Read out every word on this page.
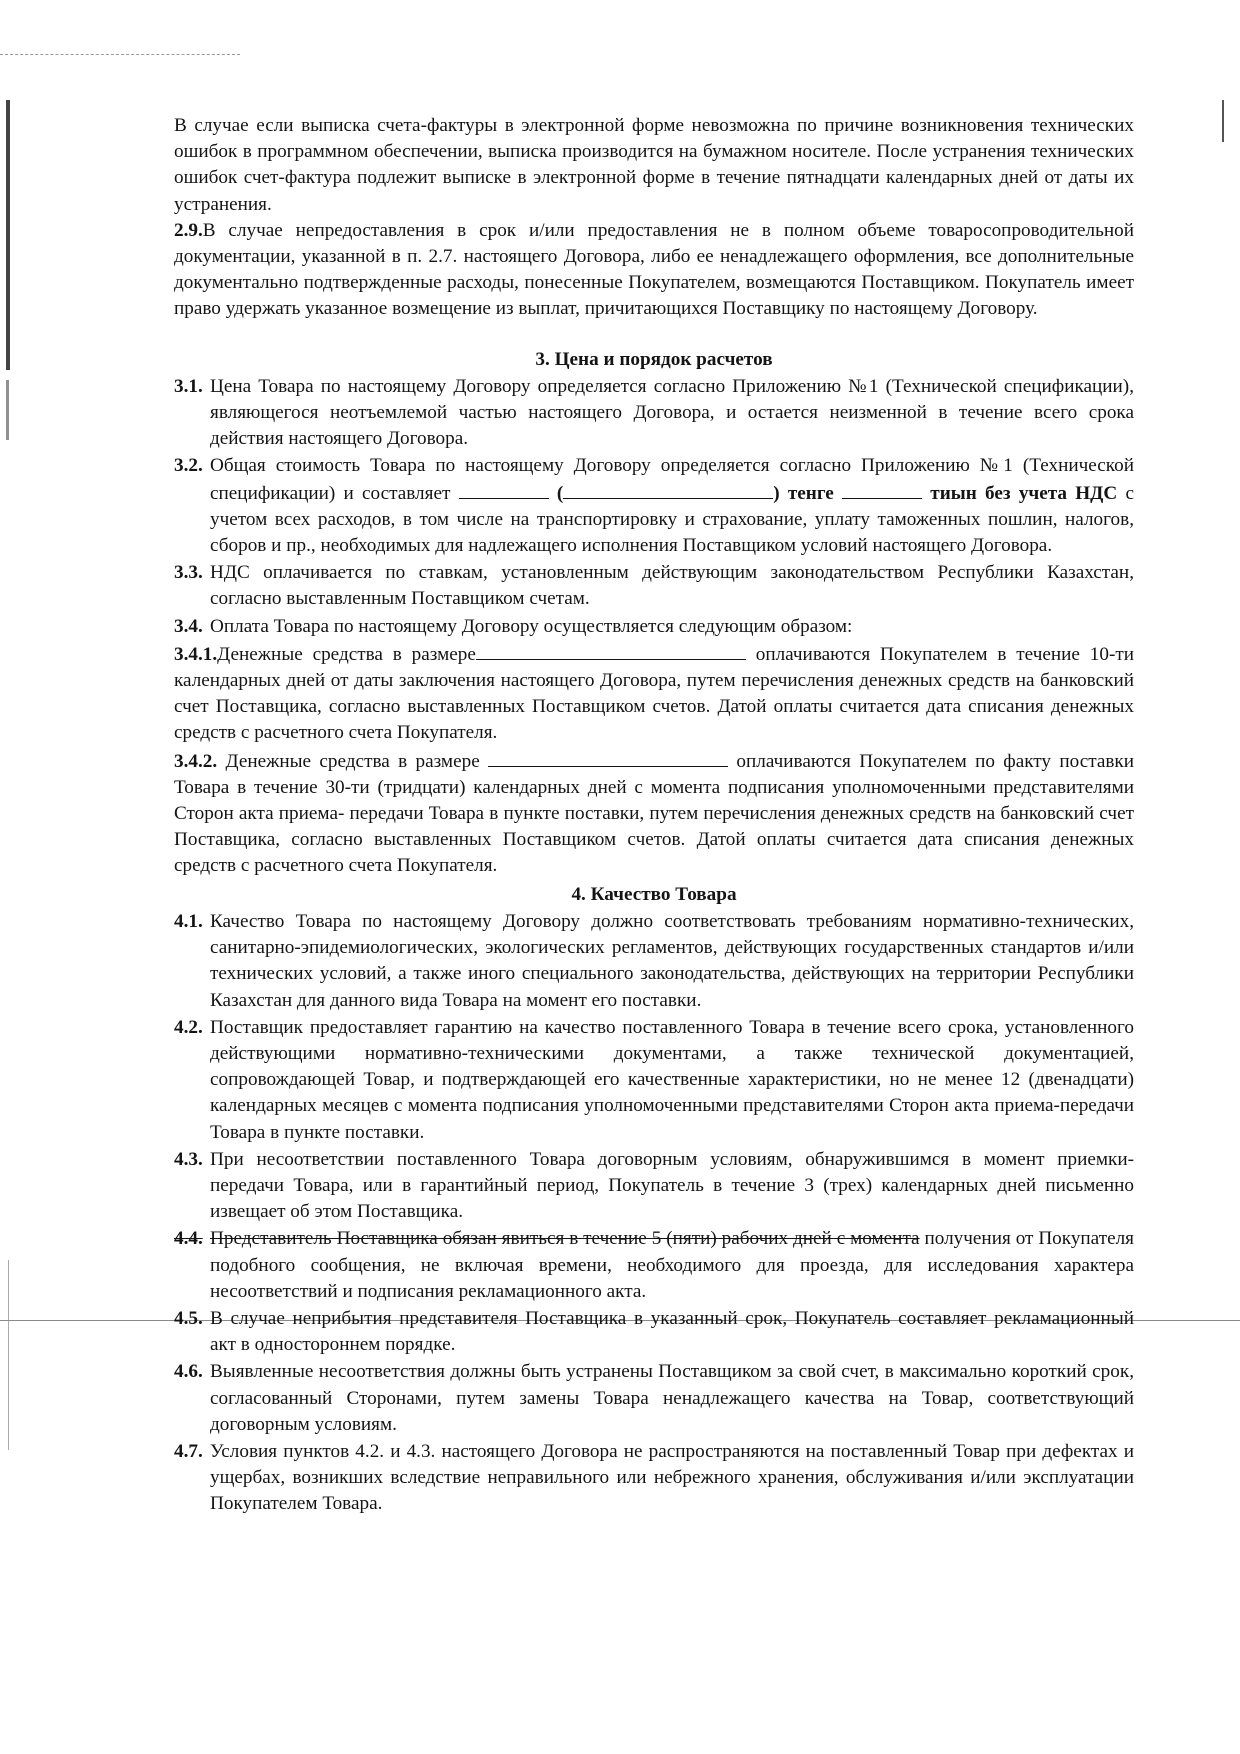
В случае если выписка счета-фактуры в электронной форме невозможна по причине возникновения технических ошибок в программном обеспечении, выписка производится на бумажном носителе. После устранения технических ошибок счет-фактура подлежит выписке в электронной форме в течение пятнадцати календарных дней от даты их устранения.

2.9.В случае непредоставления в срок и/или предоставления не в полном объеме товаросопроводительной документации, указанной в п. 2.7. настоящего Договора, либо ее ненадлежащего оформления, все дополнительные документально подтвержденные расходы, понесенные Покупателем, возмещаются Поставщиком. Покупатель имеет право удержать указанное возмещение из выплат, причитающихся Поставщику по настоящему Договору.

3. Цена и порядок расчетов

3.1. Цена Товара по настоящему Договору определяется согласно Приложению №1 (Технической спецификации), являющегося неотъемлемой частью настоящего Договора, и остается неизменной в течение всего срока действия настоящего Договора.
3.2. Общая стоимость Товара по настоящему Договору определяется согласно Приложению №1 (Технической спецификации) и составляет	(	) тенге	тиын без учета НДС с учетом всех расходов, в том числе на транспортировку и страхование, уплату таможенных пошлин, налогов, сборов и пр., необходимых для надлежащего исполнения Поставщиком условий настоящего Договора.
3.3. НДС оплачивается по ставкам, установленным действующим законодательством Республики Казахстан, согласно выставленным Поставщиком счетам.
3.4. Оплата Товара по настоящему Договору осуществляется следующим образом:

3.4.1.Денежные средства в размере	оплачиваются Покупателем в течение 10-ти календарных дней от даты заключения настоящего Договора, путем перечисления денежных средств на банковский счет Поставщика, согласно выставленных Поставщиком счетов. Датой оплаты считается дата списания денежных средств с расчетного счета Покупателя.

3.4.2. Денежные средства в размере	оплачиваются Покупателем по факту поставки Товара в течение 30-ти (тридцати) календарных дней с момента подписания уполномоченными представителями Сторон акта приема- передачи Товара в пункте поставки, путем перечисления денежных средств на банковский счет Поставщика, согласно выставленных Поставщиком счетов. Датой оплаты считается дата списания денежных средств с расчетного счета Покупателя.

4. Качество Товара

4.1. Качество Товара по настоящему Договору должно соответствовать требованиям нормативно-технических, санитарно-эпидемиологических, экологических регламентов, действующих государственных стандартов и/или технических условий, а также иного специального законодательства, действующих на территории Республики Казахстан для данного вида Товара на момент его поставки.
4.2. Поставщик предоставляет гарантию на качество поставленного Товара в течение всего срока, установленного действующими нормативно-техническими документами, а также технической документацией, сопровождающей Товар, и подтверждающей его качественные характеристики, но не менее 12 (двенадцати) календарных месяцев с момента подписания уполномоченными представителями Сторон акта приема-передачи Товара в пункте поставки.
4.3. При несоответствии поставленного Товара договорным условиям, обнаружившимся в момент приемки-передачи Товара, или в гарантийный период, Покупатель в течение 3 (трех) календарных дней письменно извещает об этом Поставщика.
4.4. Представитель Поставщика обязан явиться в течение 5 (пяти) рабочих дней с момента получения от Покупателя подобного сообщения, не включая времени, необходимого для проезда, для исследования характера несоответствий и подписания рекламационного акта.
4.5. В случае неприбытия представителя Поставщика в указанный срок, Покупатель составляет рекламационный акт в одностороннем порядке.
4.6. Выявленные несоответствия должны быть устранены Поставщиком за свой счет, в максимально короткий срок, согласованный Сторонами, путем замены Товара ненадлежащего качества на Товар, соответствующий договорным условиям.
4.7. Условия пунктов 4.2. и 4.3. настоящего Договора не распространяются на поставленный Товар при дефектах и ущербах, возникших вследствие неправильного или небрежного хранения, обслуживания и/или эксплуатации Покупателем Товара.
